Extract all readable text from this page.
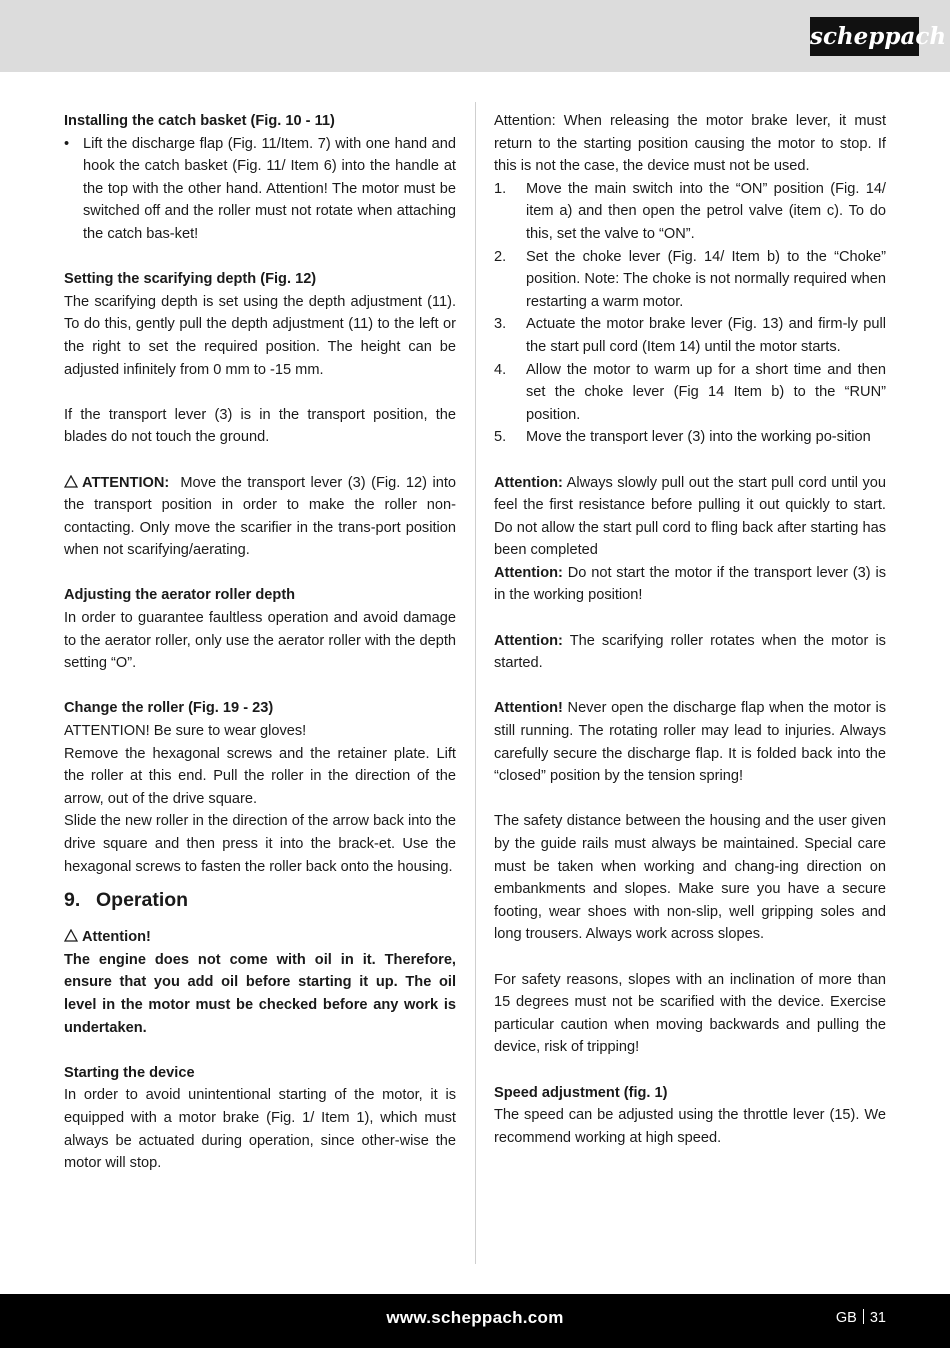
scheppach

Installing the catch basket (Fig. 10 - 11)

• Lift the discharge flap (Fig. 11/Item. 7) with one hand and hook the catch basket (Fig. 11/ Item 6) into the handle at the top with the other hand. Attention! The motor must be switched off and the roller must not rotate when attaching the catch bas-ket!

Setting the scarifying depth (Fig. 12)

The scarifying depth is set using the depth adjustment (11). To do this, gently pull the depth adjustment (11) to the left or the right to set the required position. The height can be adjusted infinitely from 0 mm to -15 mm.

If the transport lever (3) is in the transport position, the blades do not touch the ground.

ATTENTION: Move the transport lever (3) (Fig. 12) into the transport position in order to make the roller non-contacting. Only move the scarifier in the trans-port position when not scarifying/aerating.

Adjusting the aerator roller depth

In order to guarantee faultless operation and avoid damage to the aerator roller, only use the aerator roller with the depth setting “O”.

Change the roller (Fig. 19 - 23)

ATTENTION! Be sure to wear gloves!

Remove the hexagonal screws and the retainer plate. Lift the roller at this end. Pull the roller in the direction of the arrow, out of the drive square.

Slide the new roller in the direction of the arrow back into the drive square and then press it into the brack-et. Use the hexagonal screws to fasten the roller back onto the housing.

9. Operation

Attention!

The engine does not come with oil in it. Therefore, ensure that you add oil before starting it up. The oil level in the motor must be checked before any work is undertaken.

Starting the device

In order to avoid unintentional starting of the motor, it is equipped with a motor brake (Fig. 1/ Item 1), which must always be actuated during operation, since other-wise the motor will stop.

Attention: When releasing the motor brake lever, it must return to the starting position causing the motor to stop. If this is not the case, the device must not be used.

1. Move the main switch into the “ON” position (Fig. 14/ item a) and then open the petrol valve (item c). To do this, set the valve to “ON”.
2. Set the choke lever (Fig. 14/ Item b) to the “Choke” position. Note: The choke is not normally required when restarting a warm motor.
3. Actuate the motor brake lever (Fig. 13) and firm-ly pull the start pull cord (Item 14) until the motor starts.
4. Allow the motor to warm up for a short time and then set the choke lever (Fig 14 Item b) to the “RUN” position.
5. Move the transport lever (3) into the working po-sition

Attention: Always slowly pull out the start pull cord until you feel the first resistance before pulling it out quickly to start. Do not allow the start pull cord to fling back after starting has been completed

Attention: Do not start the motor if the transport lever (3) is in the working position!

Attention: The scarifying roller rotates when the motor is started.

Attention! Never open the discharge flap when the motor is still running. The rotating roller may lead to injuries. Always carefully secure the discharge flap. It is folded back into the “closed” position by the tension spring!

The safety distance between the housing and the user given by the guide rails must always be maintained. Special care must be taken when working and chang-ing direction on embankments and slopes. Make sure you have a secure footing, wear shoes with non-slip, well gripping soles and long trousers. Always work across slopes.

For safety reasons, slopes with an inclination of more than 15 degrees must not be scarified with the device. Exercise particular caution when moving backwards and pulling the device, risk of tripping!

Speed adjustment (fig. 1)

The speed can be adjusted using the throttle lever (15). We recommend working at high speed.

www.scheppach.com	GB 31
